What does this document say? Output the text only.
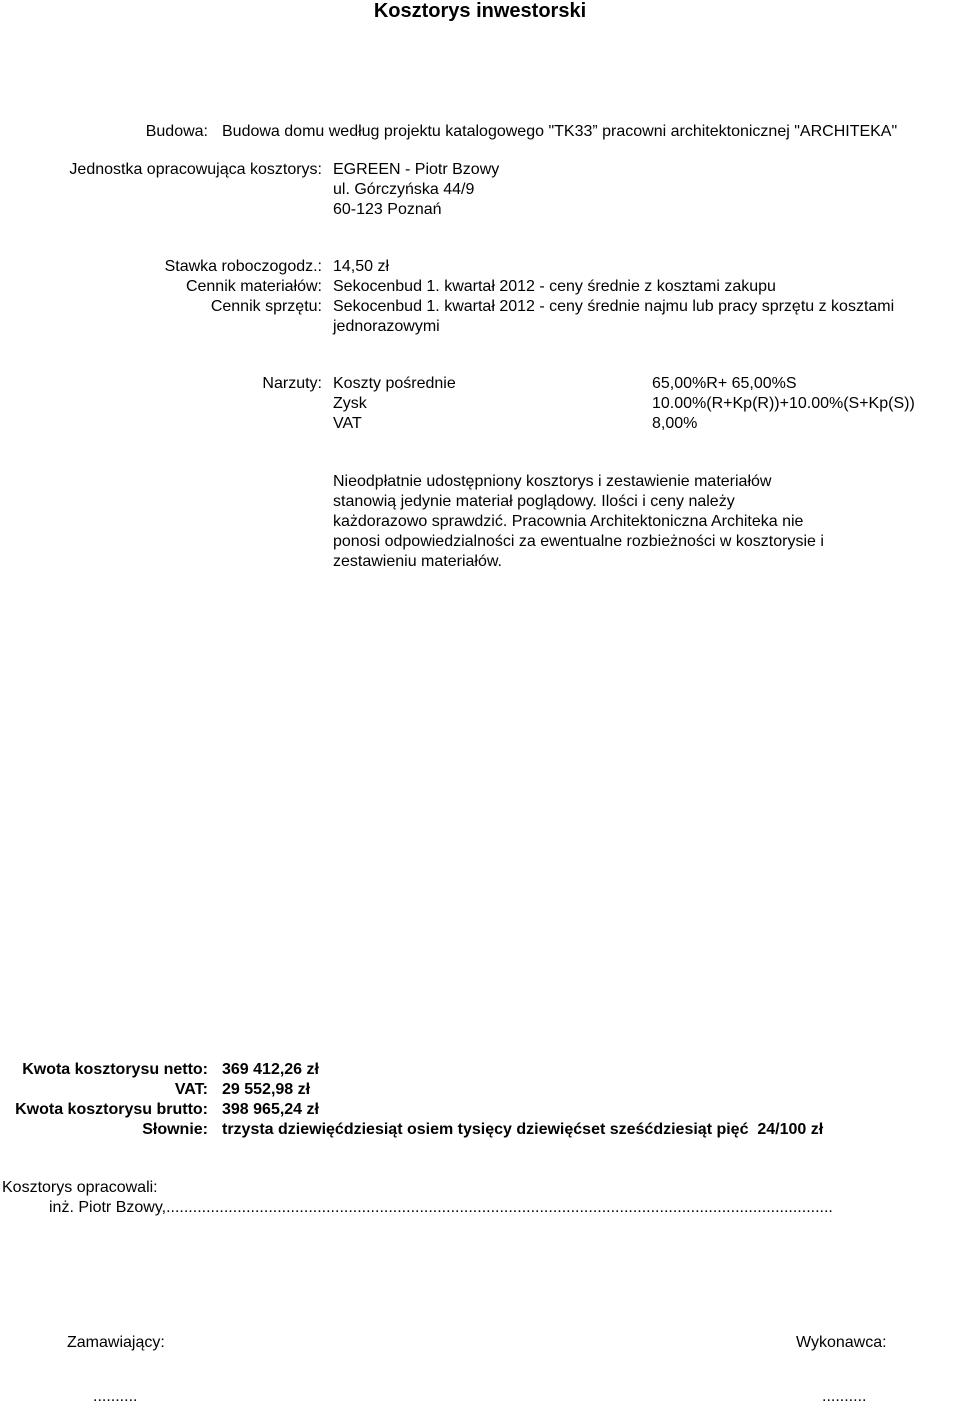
Kosztorys inwestorski
Budowa: Budowa domu według projektu katalogowego "TK33” pracowni architektonicznej "ARCHITEKA"
Jednostka opracowująca kosztorys: EGREEN - Piotr Bzowy
ul. Górczyńska 44/9
60-123 Poznań
Stawka roboczogodz.: 14,50 zł
Cennik materiałów: Sekocenbud 1. kwartał 2012 - ceny średnie z kosztami zakupu
Cennik sprzętu: Sekocenbud 1. kwartał 2012 - ceny średnie najmu lub pracy sprzętu z kosztami
jednorazowymi
Narzuty: Koszty pośrednie	65,00%R+ 65,00%S
Zysk	10.00%(R+Kp(R))+10.00%(S+Kp(S))
VAT	8,00%
Nieodpłatnie udostępniony kosztorys i zestawienie materiałów
stanowią jedynie materiał poglądowy. Ilości i ceny należy
każdorazowo sprawdzić. Pracownia Architektoniczna Architeka nie
ponosi odpowiedzialności za ewentualne rozbieżności w kosztorysie i
zestawieniu materiałów.
Kwota kosztorysu netto: 369 412,26 zł
VAT: 29 552,98 zł
Kwota kosztorysu brutto: 398 965,24 zł
Słownie: trzysta dziewięćdziesiąt osiem tysięcy dziewięćset sześćdziesiąt pięć  24/100 zł
Kosztorys opracowali:
inż. Piotr Bzowy,......................................................................................................................................................
Zamawiający:	Wykonawca:
..........	..........
